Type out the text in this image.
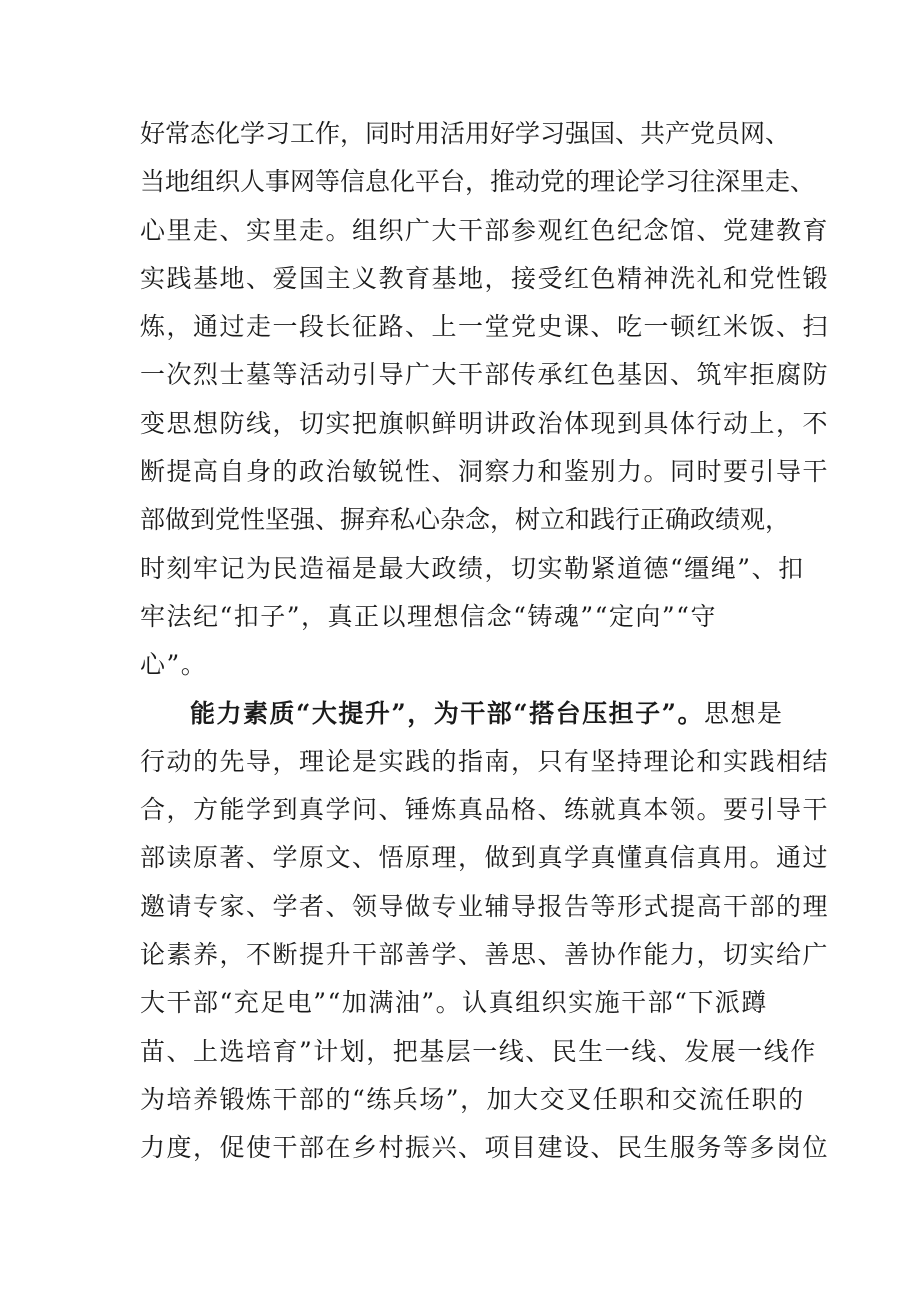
好常态化学习工作，同时用活用好学习强国、共产党员网、
当地组织人事网等信息化平台，推动党的理论学习往深里走、
心里走、实里走。组织广大干部参观红色纪念馆、党建教育
实践基地、爱国主义教育基地，接受红色精神洗礼和党性锻
炼，通过走一段长征路、上一堂党史课、吃一顿红米饭、扫
一次烈士墓等活动引导广大干部传承红色基因、筑牢拒腐防
变思想防线，切实把旗帜鲜明讲政治体现到具体行动上，不
断提高自身的政治敏锐性、洞察力和鉴别力。同时要引导干
部做到党性坚强、摒弃私心杂念，树立和践行正确政绩观，
时刻牢记为民造福是最大政绩，切实勒紧道德“缰绳”、扣
牢法纪“扣子”，真正以理想信念“铸魂”“定向”“守
心”。
能力素质“大提升”，为干部“搭台压担子”。思想是
行动的先导，理论是实践的指南，只有坚持理论和实践相结
合，方能学到真学问、锤炼真品格、练就真本领。要引导干
部读原著、学原文、悟原理，做到真学真懂真信真用。通过
邀请专家、学者、领导做专业辅导报告等形式提高干部的理
论素养，不断提升干部善学、善思、善协作能力，切实给广
大干部“充足电”“加满油”。认真组织实施干部“下派蹲
苗、上选培育”计划，把基层一线、民生一线、发展一线作
为培养锻炼干部的“练兵场”，加大交叉任职和交流任职的
力度，促使干部在乡村振兴、项目建设、民生服务等多岗位
